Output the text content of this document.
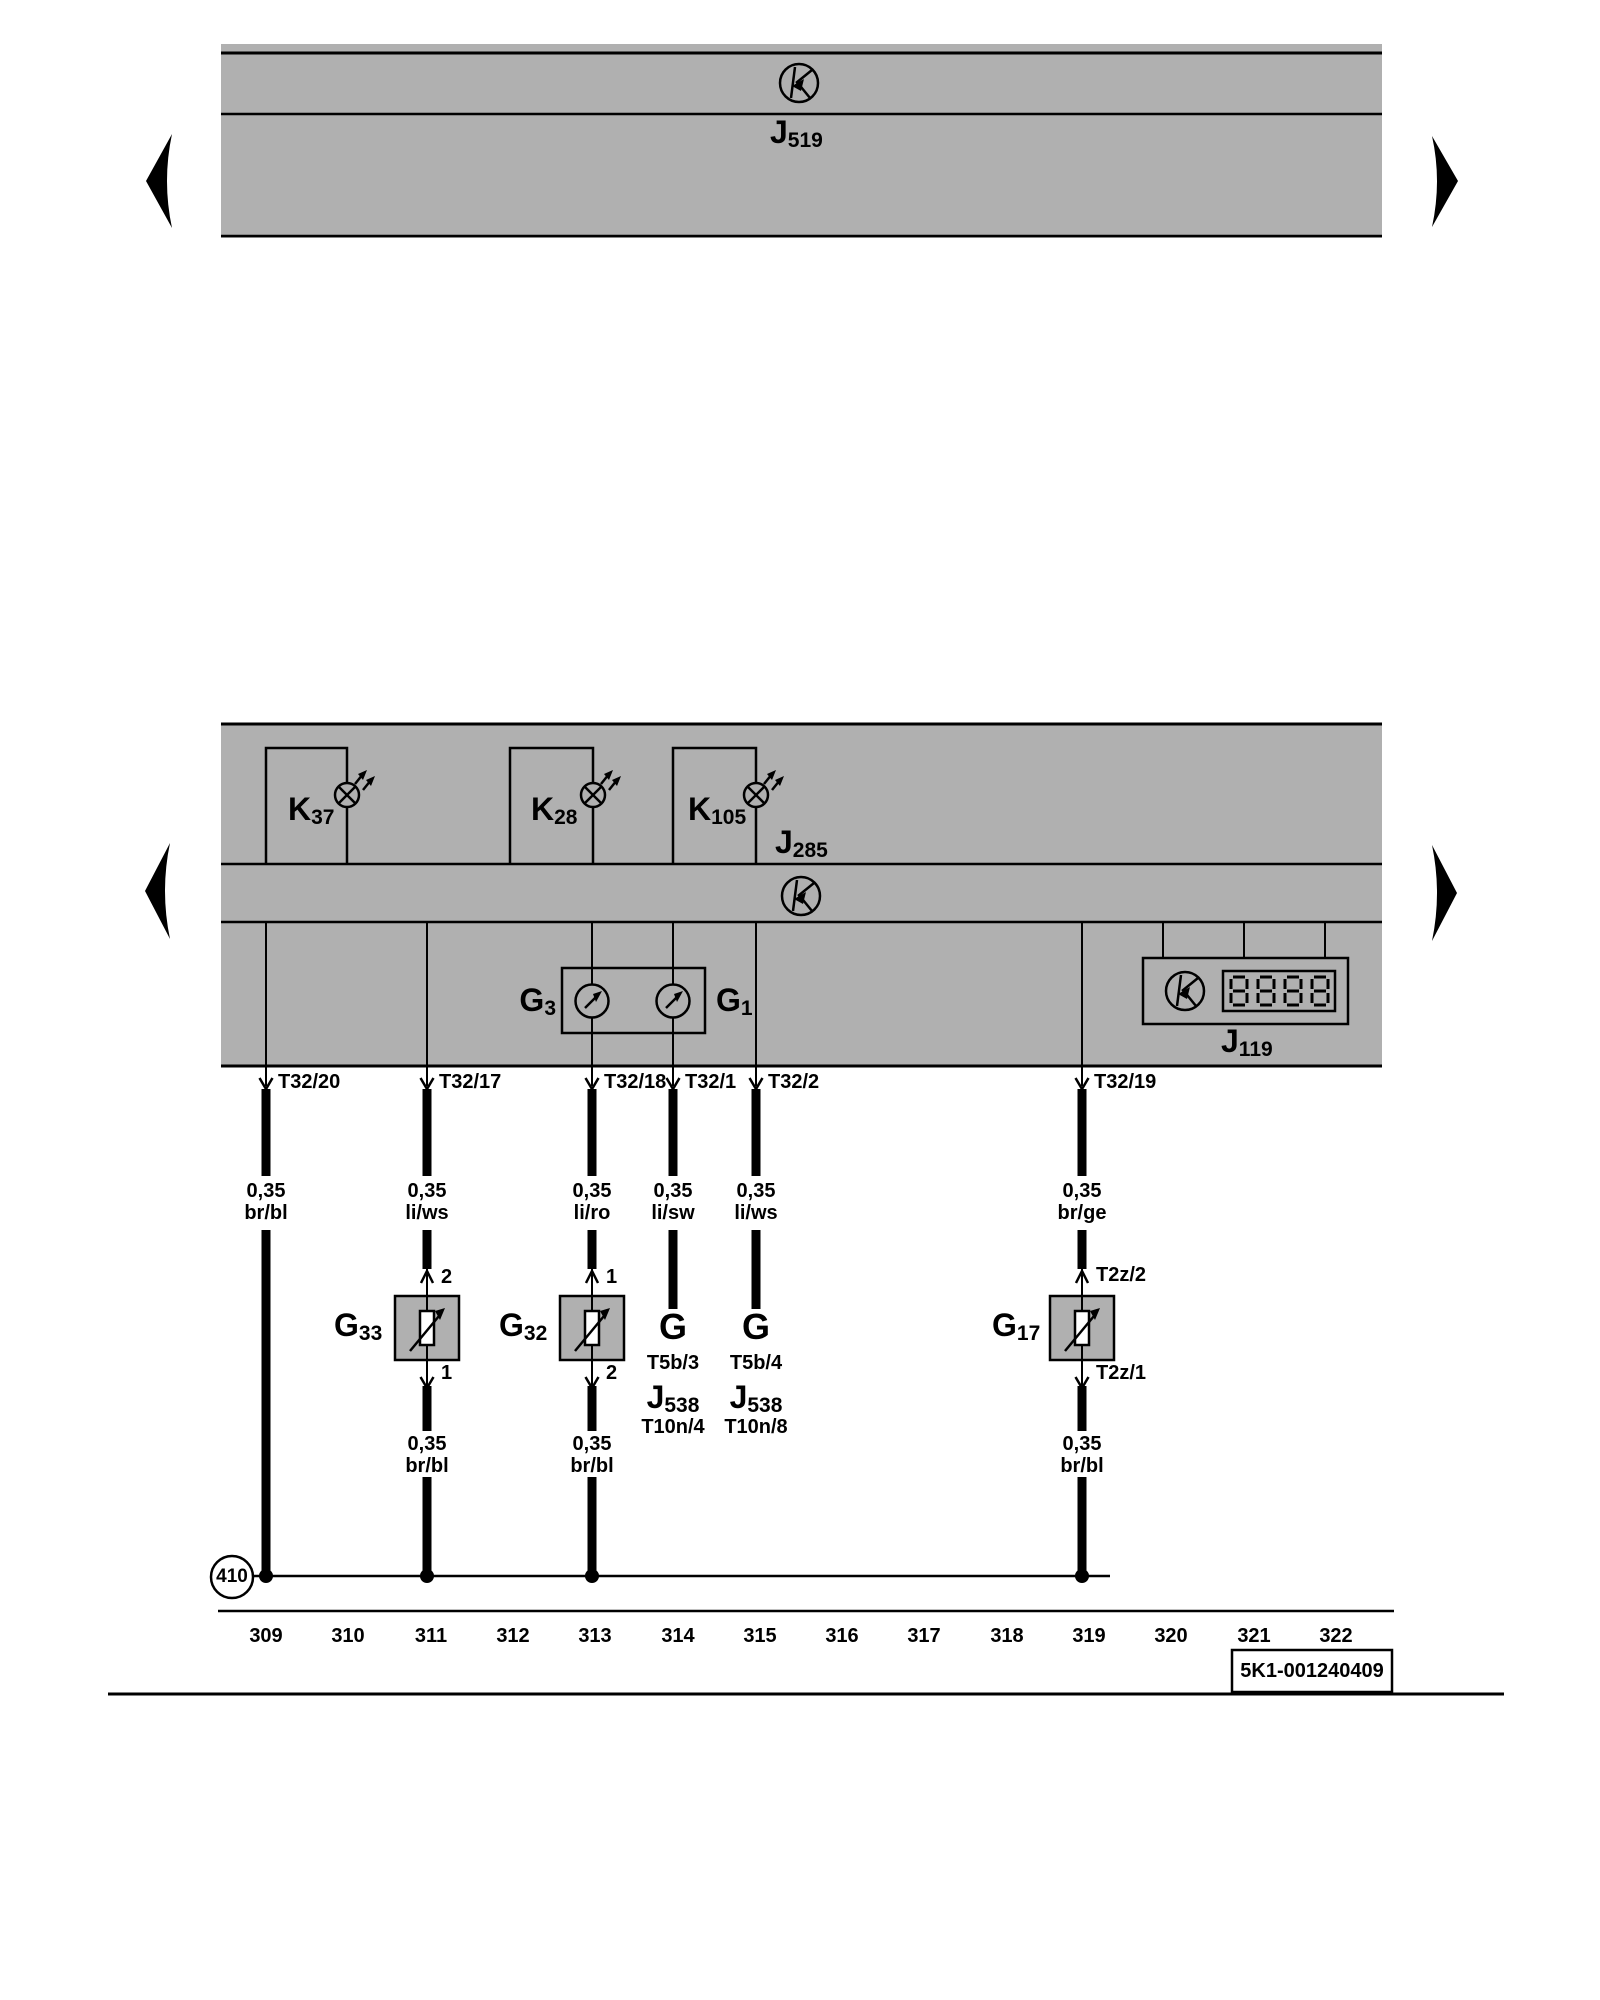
J519
J285
J119
K37	K28	K105
G3	G1
T32/20	T32/17	T32/18 T32/1 T32/2	T32/19
0,35
br/bl
0,35
li/ws
0,35
li/ro
0,35
li/sw
0,35
li/ws
0,35
br/ge
2
1
1
2
T2z/2
T2z/1
G33	G32	G17
G
T5b/3
J538
T10n/4
G
T5b/4
J538
T10n/8
0,35
br/bl
0,35
br/bl
0,35
br/bl
410
309 310	311 312 313 314 315 316 317 318 319 320 321 322
5K1-001240409
